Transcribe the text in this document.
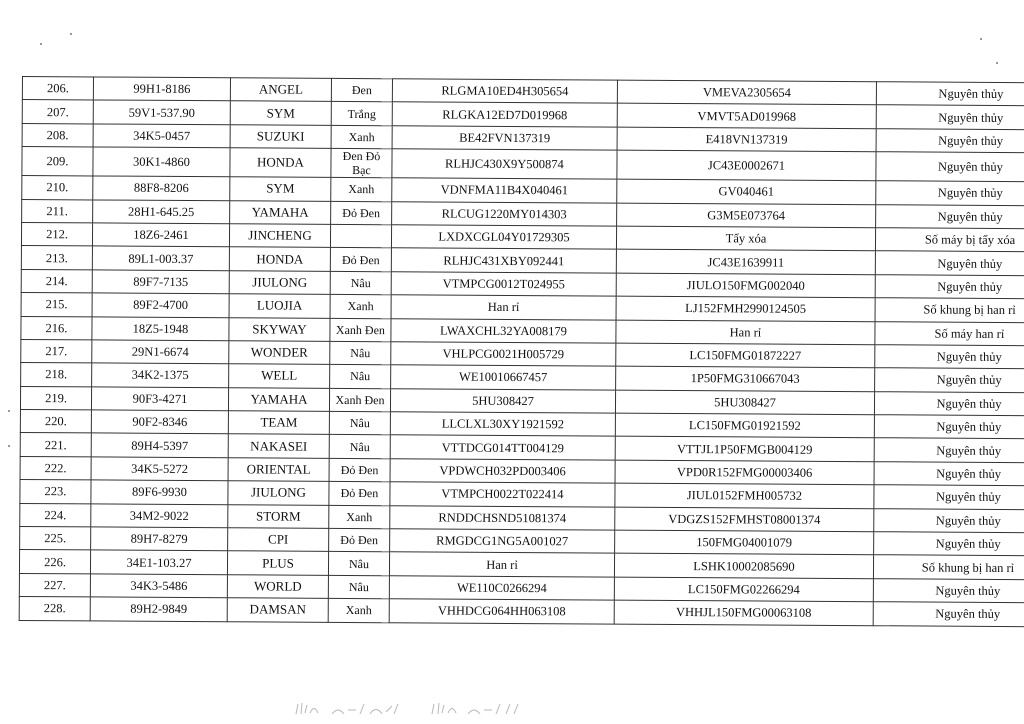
206.	99H1-8186	ANGEL	Đen	RLGMA10ED4H305654	VMEVA2305654	Nguyên thủy
207.	59V1-537.90	SYM	Trắng	RLGKA12ED7D019968	VMVT5AD019968	Nguyên thủy
208.	34K5-0457	SUZUKI	Xanh	BE42FVN137319	E418VN137319	Nguyên thủy
209.	30K1-4860	HONDA	Đen Đỏ Bạc	RLHJC430X9Y500874	JC43E0002671	Nguyên thủy
210.	88F8-8206	SYM	Xanh	VDNFMA11B4X040461	GV040461	Nguyên thủy
211.	28H1-645.25	YAMAHA	Đỏ Đen	RLCUG1220MY014303	G3M5E073764	Nguyên thủy
212.	18Z6-2461	JINCHENG		LXDXCGL04Y01729305	Tẩy xóa	Số máy bị tẩy xóa
213.	89L1-003.37	HONDA	Đỏ Đen	RLHJC431XBY092441	JC43E1639911	Nguyên thủy
214.	89F7-7135	JIULONG	Nâu	VTMPCG0012T024955	JIULO150FMG002040	Nguyên thủy
215.	89F2-4700	LUOJIA	Xanh	Han rỉ	LJ152FMH2990124505	Số khung bị han rỉ
216.	18Z5-1948	SKYWAY	Xanh Đen	LWAXCHL32YA008179	Han rỉ	Số máy han rỉ
217.	29N1-6674	WONDER	Nâu	VHLPCG0021H005729	LC150FMG01872227	Nguyên thủy
218.	34K2-1375	WELL	Nâu	WE10010667457	1P50FMG310667043	Nguyên thủy
219.	90F3-4271	YAMAHA	Xanh Đen	5HU308427	5HU308427	Nguyên thủy
220.	90F2-8346	TEAM	Nâu	LLCLXL30XY1921592	LC150FMG01921592	Nguyên thủy
221.	89H4-5397	NAKASEI	Nâu	VTTDCG014TT004129	VTTJL1P50FMGB004129	Nguyên thủy
222.	34K5-5272	ORIENTAL	Đỏ Đen	VPDWCH032PD003406	VPD0R152FMG00003406	Nguyên thủy
223.	89F6-9930	JIULONG	Đỏ Đen	VTMPCH0022T022414	JIUL0152FMH005732	Nguyên thủy
224.	34M2-9022	STORM	Xanh	RNDDCHSND51081374	VDGZS152FMHST08001374	Nguyên thủy
225.	89H7-8279	CPI	Đỏ Đen	RMGDCG1NG5A001027	150FMG04001079	Nguyên thủy
226.	34E1-103.27	PLUS	Nâu	Han rỉ	LSHK10002085690	Số khung bị han rỉ
227.	34K3-5486	WORLD	Nâu	WE110C0266294	LC150FMG02266294	Nguyên thủy
228.	89H2-9849	DAMSAN	Xanh	VHHDCG064HH063108	VHHJL150FMG00063108	Nguyên thủy
